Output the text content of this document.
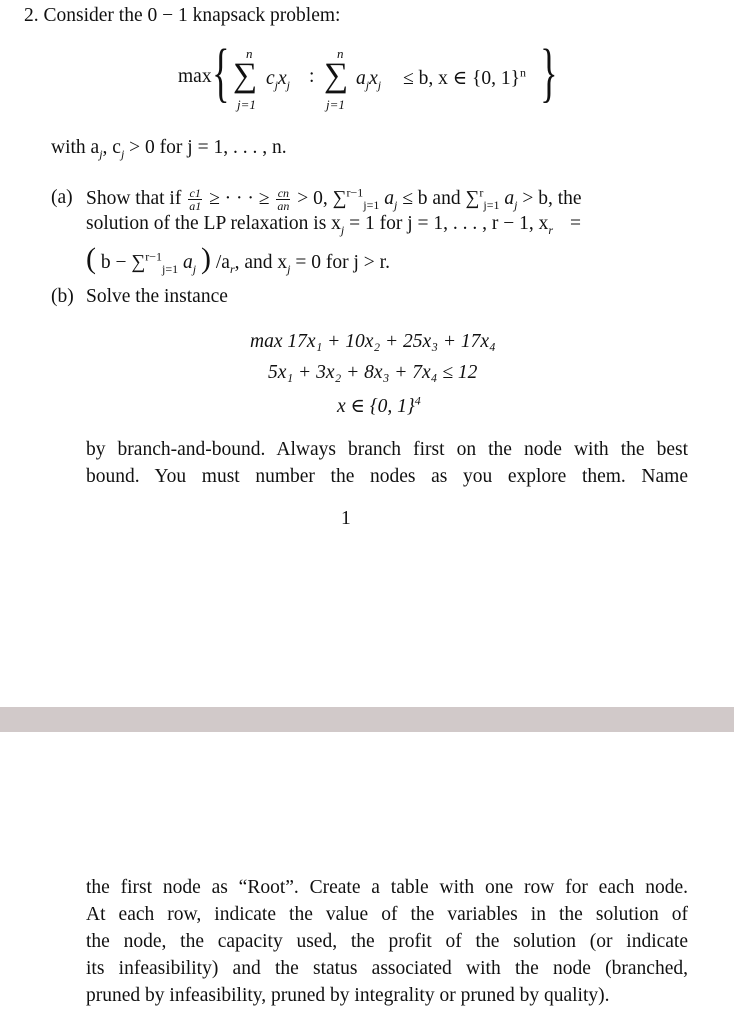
2. Consider the 0 − 1 knapsack problem:
max { n
∑
j=1
$c_jx_j$ :
n
∑
j=1
$a_jx_j \le b$, x ∈ {0, 1}$^n$ }
with $a_j$, $c_j > 0$ for j = 1, . . . , n.
(a) Show that if $\frac{c1}{a1}$ ≥ · · · ≥ $\frac{cn}{an} > 0$, ∑$^{r-1}_{j=1}$ $a_j \le b$ and ∑$^r_{j=1}$ $a_j > b$, the
solution of the LP relaxation is $x_j = 1$ for j = 1, . . . , r − 1, $x_r$ =
( b − ∑$^{r-1}_{j=1}$ $a_j$ ) $/a_r$, and $x_j = 0$ for j > r.
(b) Solve the instance
max 17x₁ + 10x₂ + 25x₃ + 17x₄
5x₁ + 3x₂ + 8x₃ + 7x₄ ≤ 12
x ∈ {0, 1}$^4$
by branch-and-bound. Always branch first on the node with the best
bound. You must number the nodes as you explore them. Name
1
the first node as “Root”. Create a table with one row for each node.
At each row, indicate the value of the variables in the solution of
the node, the capacity used, the profit of the solution (or indicate
its infeasibility) and the status associated with the node (branched,
pruned by infeasibility, pruned by integrality or pruned by quality).
